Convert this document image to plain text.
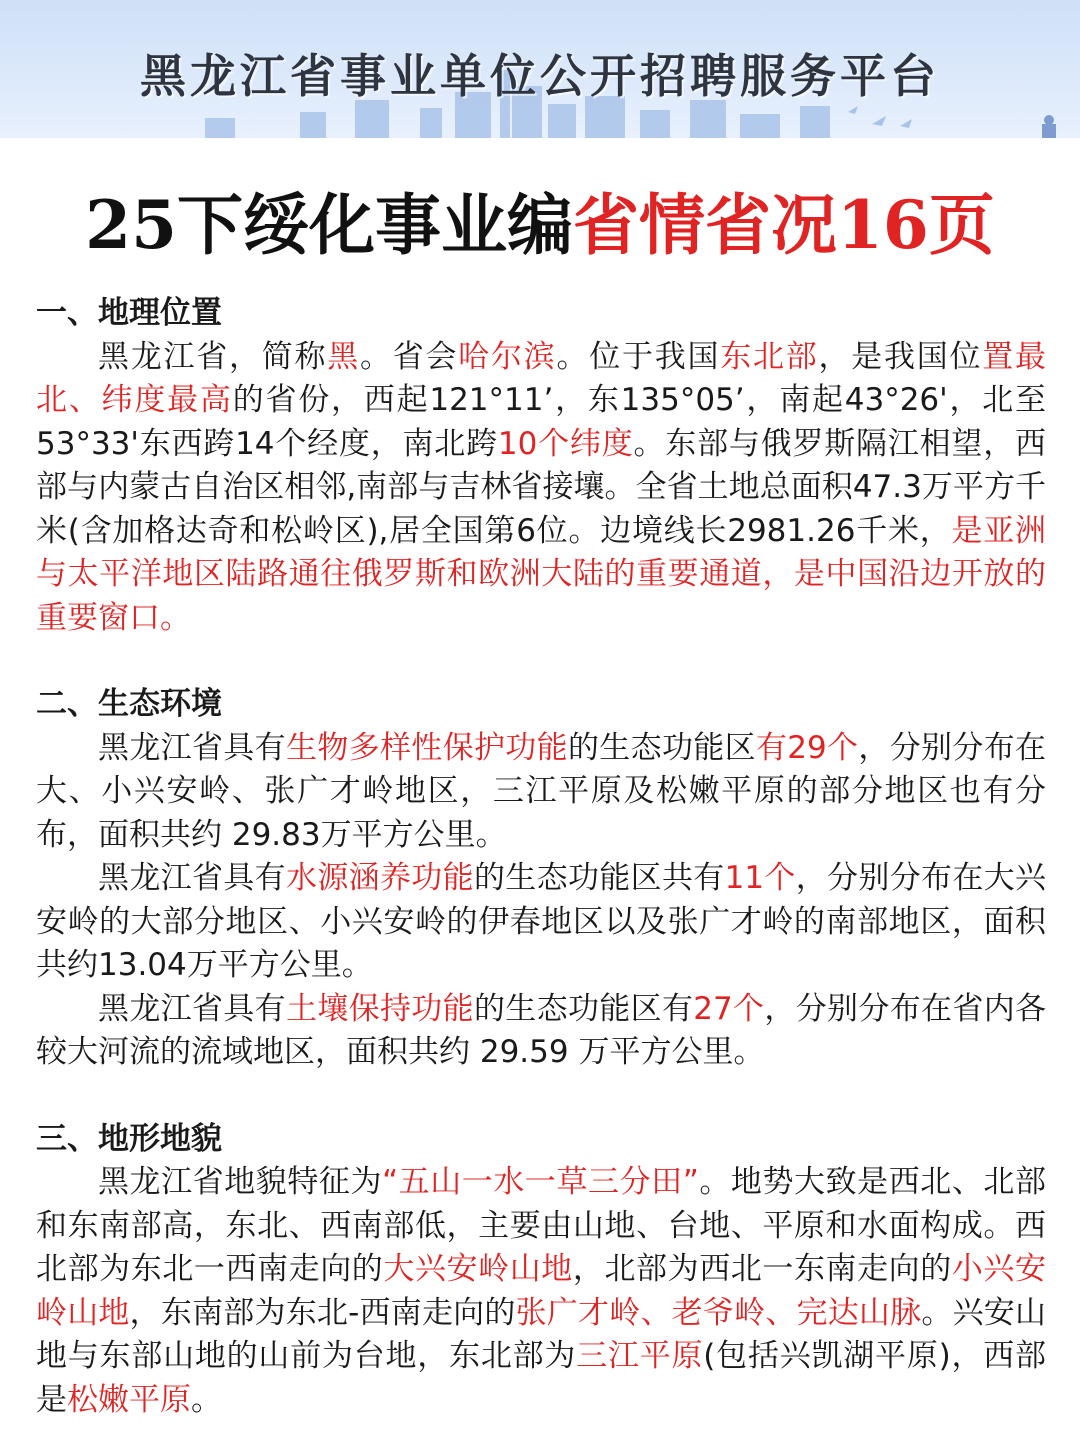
黑龙江省事业单位公开招聘服务平台
25下绥化事业编省情省况16页

一、地理位置

黑龙江省，简称黑。省会哈尔滨。位于我国东北部，是我国位置最北、纬度最高的省份，西起121°11’，东135°05’，南起43°26'，北至53°33'东西跨14个经度，南北跨10个纬度。东部与俄罗斯隔江相望，西部与内蒙古自治区相邻,南部与吉林省接壤。全省土地总面积47.3万平方千米(含加格达奇和松岭区),居全国第6位。边境线长2981.26千米，是亚洲与太平洋地区陆路通往俄罗斯和欧洲大陆的重要通道，是中国沿边开放的重要窗口。

二、生态环境

黑龙江省具有生物多样性保护功能的生态功能区有29个，分别分布在大、小兴安岭、张广才岭地区，三江平原及松嫩平原的部分地区也有分布，面积共约 29.83万平方公里。

黑龙江省具有水源涵养功能的生态功能区共有11个，分别分布在大兴安岭的大部分地区、小兴安岭的伊春地区以及张广才岭的南部地区，面积共约13.04万平方公里。

黑龙江省具有土壤保持功能的生态功能区有27个，分别分布在省内各较大河流的流域地区，面积共约 29.59 万平方公里。

三、地形地貌

黑龙江省地貌特征为“五山一水一草三分田”。地势大致是西北、北部和东南部高，东北、西南部低，主要由山地、台地、平原和水面构成。西北部为东北一西南走向的大兴安岭山地，北部为西北一东南走向的小兴安岭山地，东南部为东北-西南走向的张广才岭、老爷岭、完达山脉。兴安山地与东部山地的山前为台地，东北部为三江平原(包括兴凯湖平原)，西部是松嫩平原。
